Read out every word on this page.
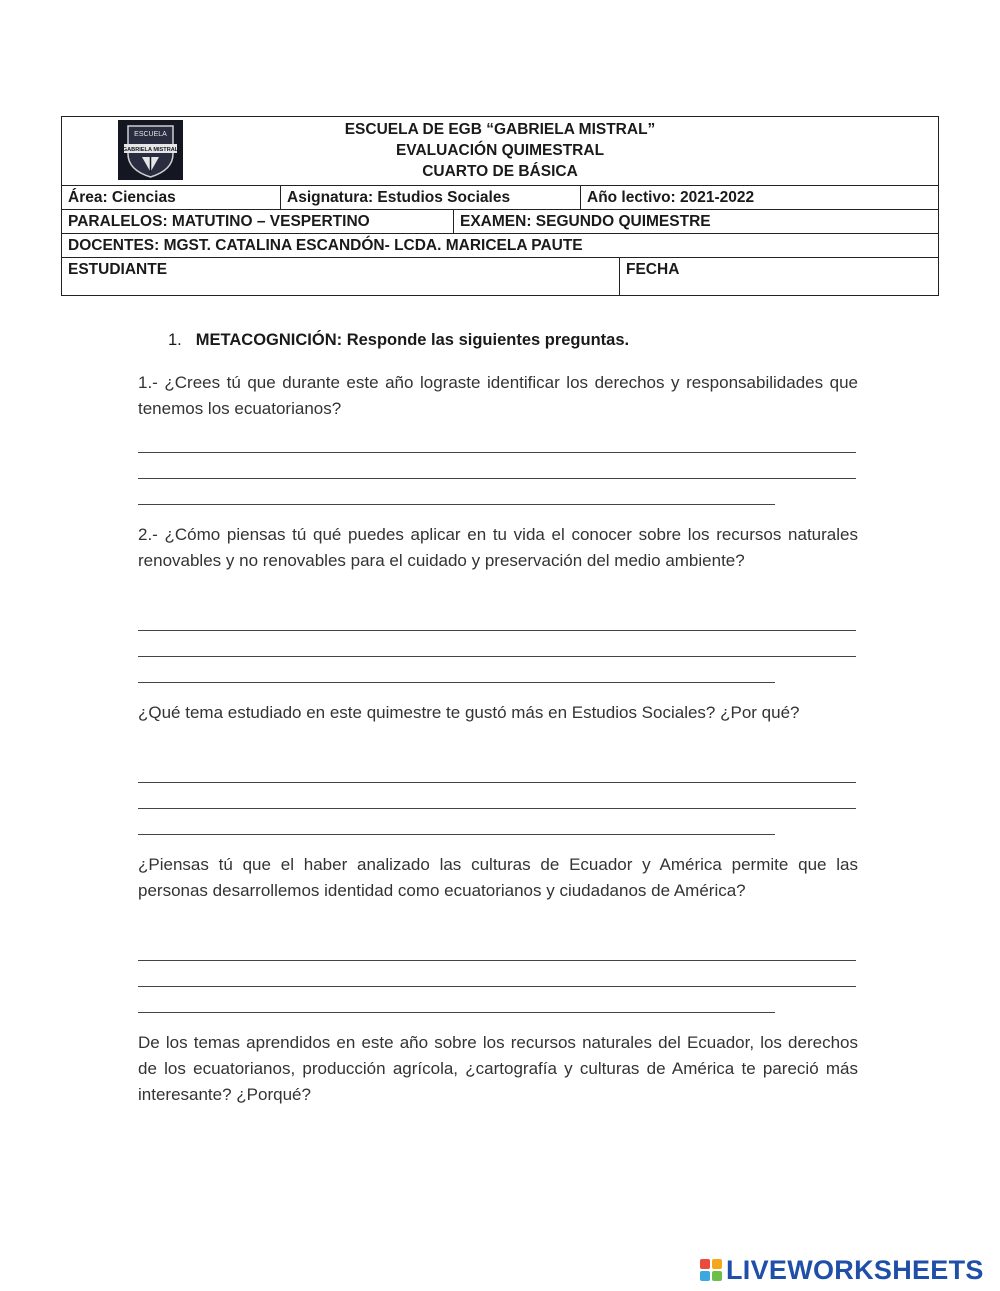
ESCUELA
GABRIELA MISTRAL
ESCUELA DE EGB “GABRIELA MISTRAL”
EVALUACIÓN QUIMESTRAL
CUARTO DE BÁSICA
Área: Ciencias	Asignatura: Estudios Sociales	Año lectivo: 2021-2022
PARALELOS: MATUTINO – VESPERTINO	EXAMEN: SEGUNDO QUIMESTRE
DOCENTES: MGST. CATALINA ESCANDÓN- LCDA. MARICELA PAUTE
ESTUDIANTE	FECHA
1. METACOGNICIÓN: Responde las siguientes preguntas.
1.- ¿Crees tú que durante este año lograste identificar los derechos y responsabilidades que tenemos los ecuatorianos?
2.- ¿Cómo piensas tú qué puedes aplicar en tu vida el conocer sobre los recursos naturales renovables y no renovables para el cuidado y preservación del medio ambiente?
¿Qué tema estudiado en este quimestre te gustó más en Estudios Sociales? ¿Por qué?
¿Piensas tú que el haber analizado las culturas de Ecuador y América permite que las personas desarrollemos identidad como ecuatorianos y ciudadanos de América?
De los temas aprendidos en este año sobre los recursos naturales del Ecuador, los derechos de los ecuatorianos, producción agrícola, ¿cartografía y culturas de América te pareció más interesante? ¿Porqué?
LIVEWORKSHEETS
